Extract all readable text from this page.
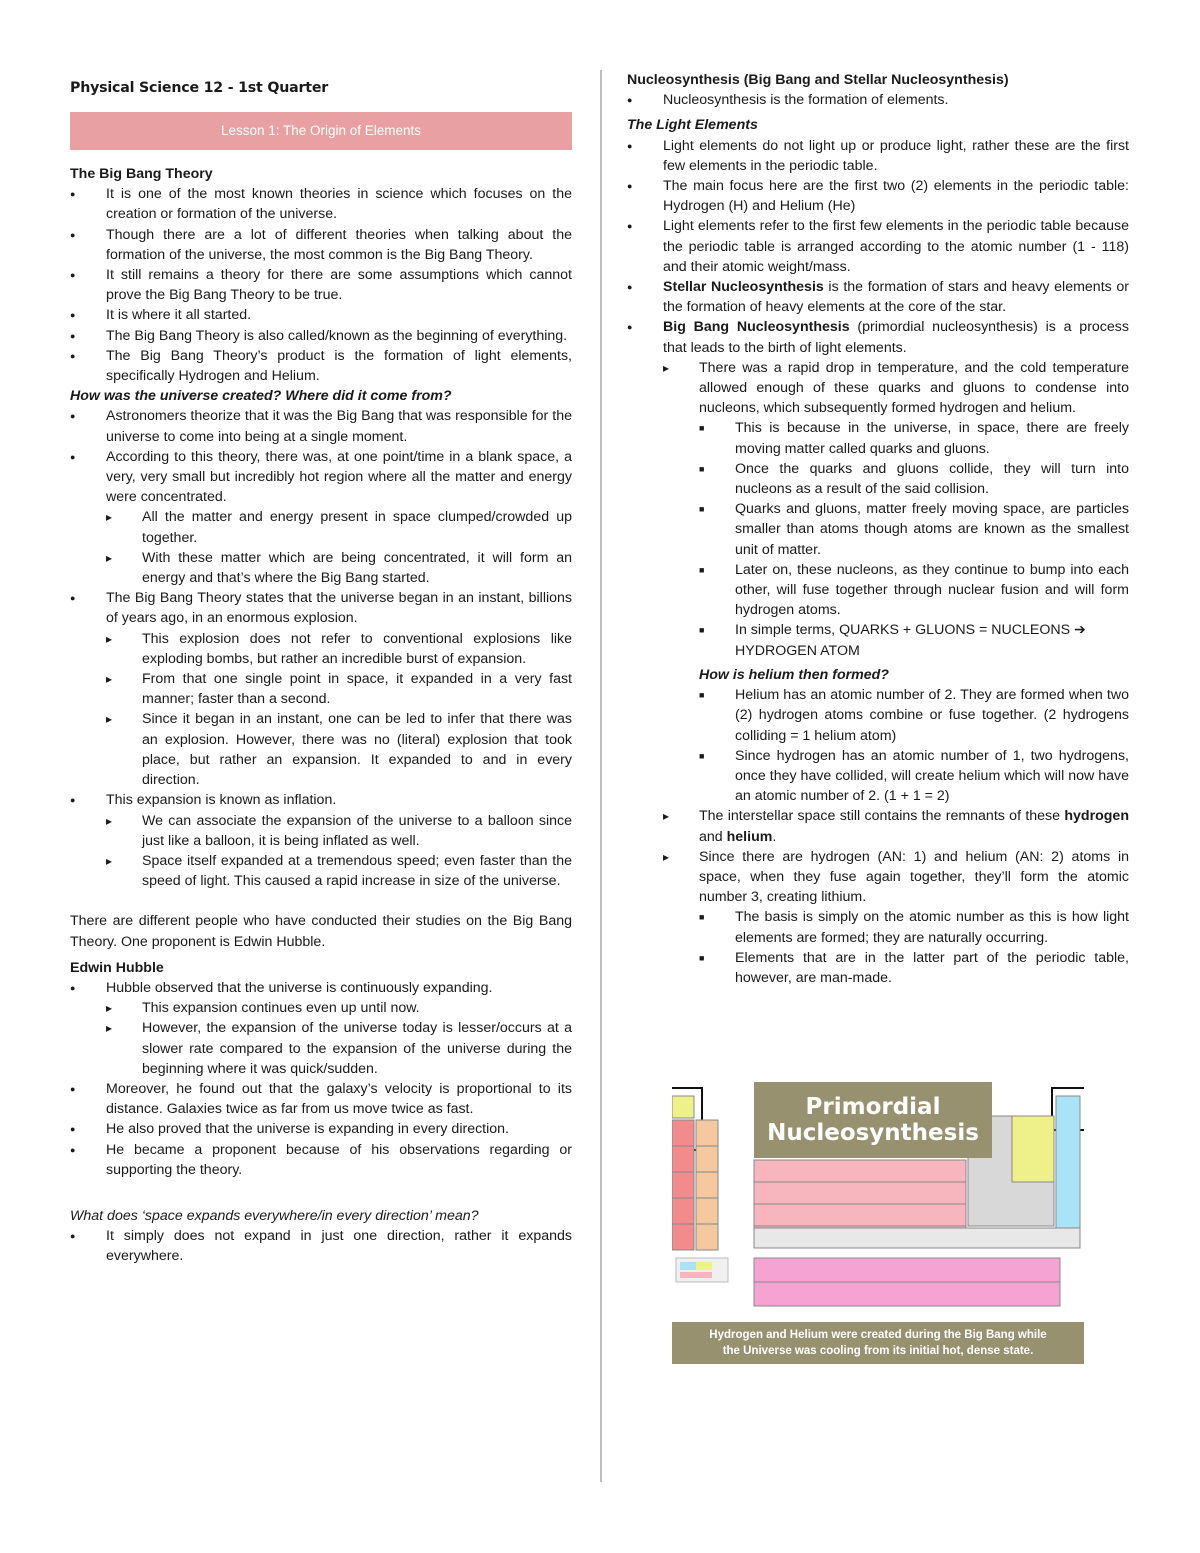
Physical Science 12 - 1st Quarter
Lesson 1: The Origin of Elements

The Big Bang Theory

● It is one of the most known theories in science which focuses on the creation or formation of the universe.
● Though there are a lot of different theories when talking about the formation of the universe, the most common is the Big Bang Theory.
● It still remains a theory for there are some assumptions which cannot prove the Big Bang Theory to be true.
● It is where it all started.
● The Big Bang Theory is also called/known as the beginning of everything.
● The Big Bang Theory’s product is the formation of light elements, specifically Hydrogen and Helium.

How was the universe created? Where did it come from?

● Astronomers theorize that it was the Big Bang that was responsible for the universe to come into being at a single moment.
● According to this theory, there was, at one point/time in a blank space, a very, very small but incredibly hot region where all the matter and energy were concentrated.
▸ All the matter and energy present in space clumped/crowded up together.
▸ With these matter which are being concentrated, it will form an energy and that’s where the Big Bang started.
● The Big Bang Theory states that the universe began in an instant, billions of years ago, in an enormous explosion.
▸ This explosion does not refer to conventional explosions like exploding bombs, but rather an incredible burst of expansion.
▸ From that one single point in space, it expanded in a very fast manner; faster than a second.
▸ Since it began in an instant, one can be led to infer that there was an explosion. However, there was no (literal) explosion that took place, but rather an expansion. It expanded to and in every direction.
● This expansion is known as inflation.
▸ We can associate the expansion of the universe to a balloon since just like a balloon, it is being inflated as well.
▸ Space itself expanded at a tremendous speed; even faster than the speed of light. This caused a rapid increase in size of the universe.

There are different people who have conducted their studies on the Big Bang Theory. One proponent is Edwin Hubble.

Edwin Hubble

● Hubble observed that the universe is continuously expanding.
▸ This expansion continues even up until now.
▸ However, the expansion of the universe today is lesser/occurs at a slower rate compared to the expansion of the universe during the beginning where it was quick/sudden.
● Moreover, he found out that the galaxy’s velocity is proportional to its distance. Galaxies twice as far from us move twice as fast.
● He also proved that the universe is expanding in every direction.
● He became a proponent because of his observations regarding or supporting the theory.

What does ‘space expands everywhere/in every direction’ mean?

● It simply does not expand in just one direction, rather it expands everywhere.

Nucleosynthesis (Big Bang and Stellar Nucleosynthesis)

● Nucleosynthesis is the formation of elements.

The Light Elements

● Light elements do not light up or produce light, rather these are the first few elements in the periodic table.
● The main focus here are the first two (2) elements in the periodic table: Hydrogen (H) and Helium (He)
● Light elements refer to the first few elements in the periodic table because the periodic table is arranged according to the atomic number (1 - 118) and their atomic weight/mass.
● Stellar Nucleosynthesis is the formation of stars and heavy elements or the formation of heavy elements at the core of the star.
● Big Bang Nucleosynthesis (primordial nucleosynthesis) is a process that leads to the birth of light elements.
▸ There was a rapid drop in temperature, and the cold temperature allowed enough of these quarks and gluons to condense into nucleons, which subsequently formed hydrogen and helium.
■ This is because in the universe, in space, there are freely moving matter called quarks and gluons.
■ Once the quarks and gluons collide, they will turn into nucleons as a result of the said collision.
■ Quarks and gluons, matter freely moving space, are particles smaller than atoms though atoms are known as the smallest unit of matter.
■ Later on, these nucleons, as they continue to bump into each other, will fuse together through nuclear fusion and will form hydrogen atoms.
■ In simple terms, QUARKS + GLUONS = NUCLEONS ➔ HYDROGEN ATOM

How is helium then formed?

■ Helium has an atomic number of 2. They are formed when two (2) hydrogen atoms combine or fuse together. (2 hydrogens colliding = 1 helium atom)
■ Since hydrogen has an atomic number of 1, two hydrogens, once they have collided, will create helium which will now have an atomic number of 2. (1 + 1 = 2)
▸ The interstellar space still contains the remnants of these hydrogen and helium.
▸ Since there are hydrogen (AN: 1) and helium (AN: 2) atoms in space, when they fuse again together, they’ll form the atomic number 3, creating lithium.
■ The basis is simply on the atomic number as this is how light elements are formed; they are naturally occurring.
■ Elements that are in the latter part of the periodic table, however, are man-made.
Primordial
Nucleosynthesis
Hydrogen and Helium were created during the Big Bang while
the Universe was cooling from its initial hot, dense state.
